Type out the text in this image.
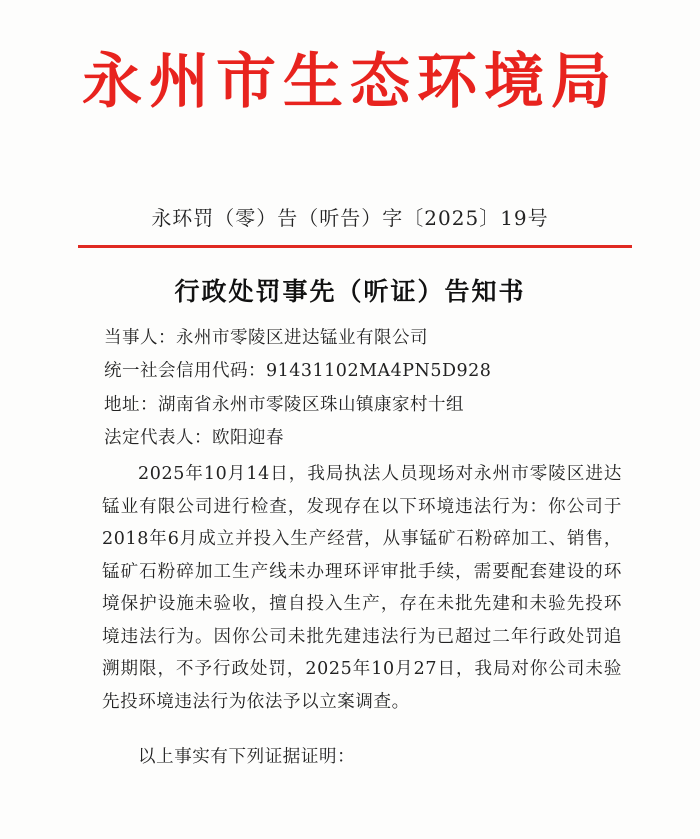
永州市生态环境局
永环罚（零）告（听告）字〔2025〕19号
行政处罚事先（听证）告知书
当事人：永州市零陵区进达锰业有限公司
统一社会信用代码：91431102MA4PN5D928
地址：湖南省永州市零陵区珠山镇康家村十组
法定代表人：欧阳迎春

2025年10月14日，我局执法人员现场对永州市零陵区进达锰业有限公司进行检查，发现存在以下环境违法行为：你公司于2018年6月成立并投入生产经营，从事锰矿石粉碎加工、销售，锰矿石粉碎加工生产线未办理环评审批手续，需要配套建设的环境保护设施未验收，擅自投入生产，存在未批先建和未验先投环境违法行为。因你公司未批先建违法行为已超过二年行政处罚追溯期限，不予行政处罚，2025年10月27日，我局对你公司未验先投环境违法行为依法予以立案调查。

以上事实有下列证据证明：
